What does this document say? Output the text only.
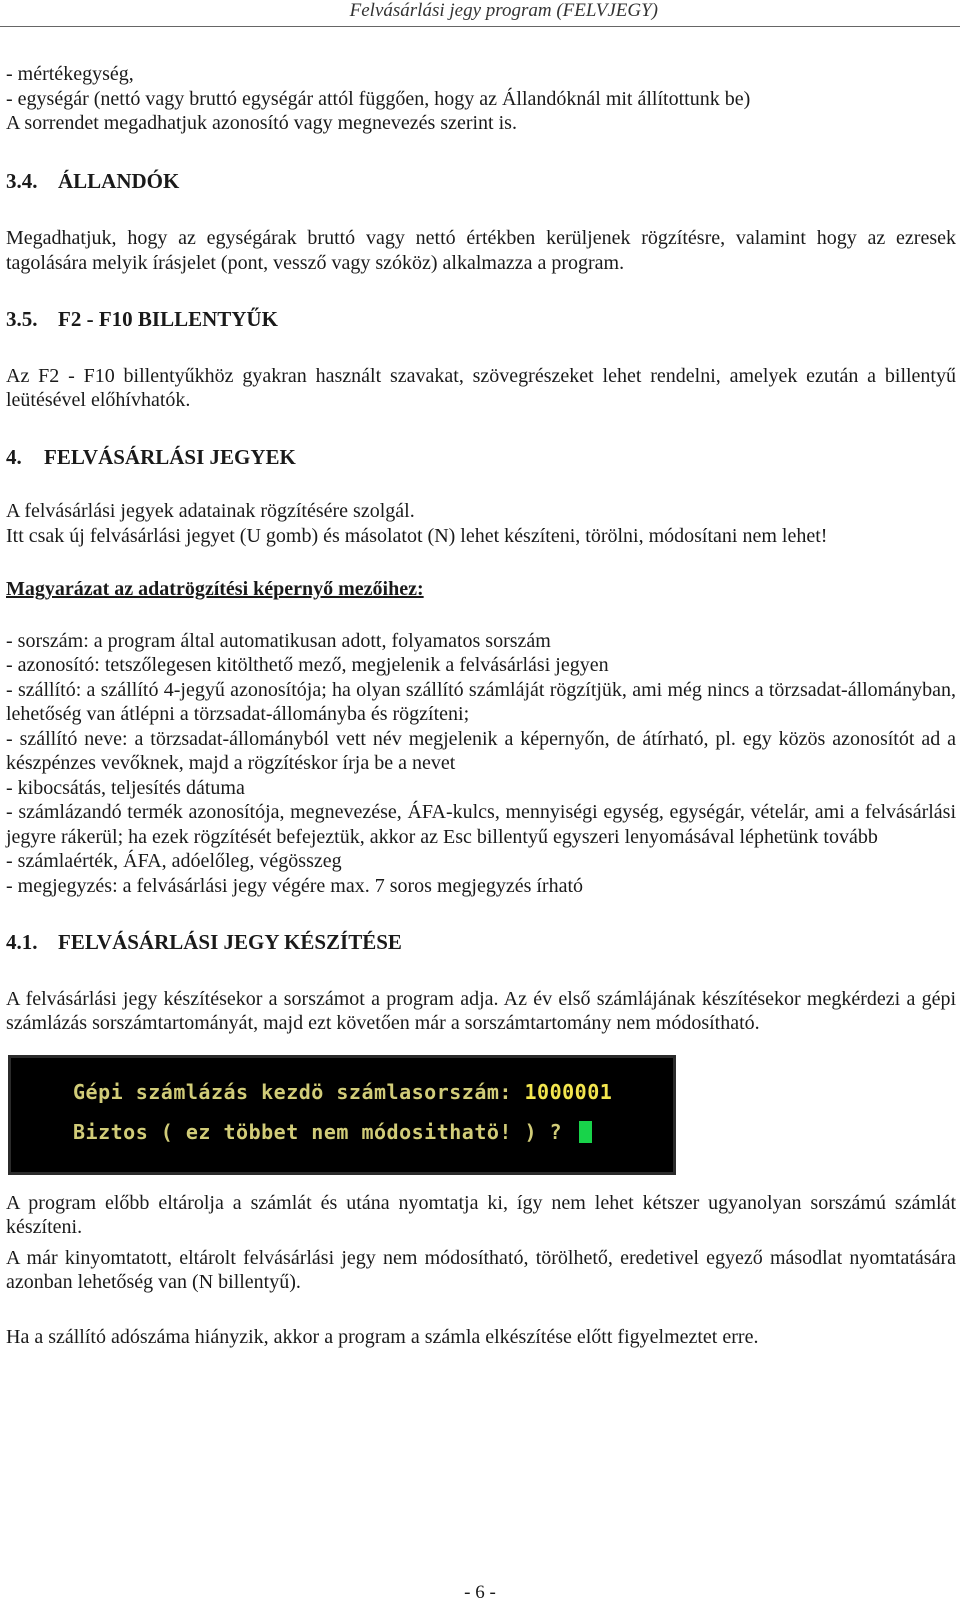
Felvásárlási jegy program (FELVJEGY)

- mértékegység,

- egységár (nettó vagy bruttó egységár attól függően, hogy az Állandóknál mit állítottunk be)

A sorrendet megadhatjuk azonosító vagy megnevezés szerint is.

3.4. ÁLLANDÓK

Megadhatjuk, hogy az egységárak bruttó vagy nettó értékben kerüljenek rögzítésre, valamint hogy az ezresek tagolására melyik írásjelet (pont, vessző vagy szóköz) alkalmazza a program.

3.5. F2 - F10 BILLENTYŰK

Az F2 - F10 billentyűkhöz gyakran használt szavakat, szövegrészeket lehet rendelni, amelyek ezután a billentyű leütésével előhívhatók.

4. FELVÁSÁRLÁSI JEGYEK

A felvásárlási jegyek adatainak rögzítésére szolgál.

Itt csak új felvásárlási jegyet (U gomb) és másolatot (N) lehet készíteni, törölni, módosítani nem lehet!

Magyarázat az adatrögzítési képernyő mezőihez:

- sorszám: a program által automatikusan adott, folyamatos sorszám

- azonosító: tetszőlegesen kitölthető mező, megjelenik a felvásárlási jegyen

- szállító: a szállító 4-jegyű azonosítója; ha olyan szállító számláját rögzítjük, ami még nincs a törzsadat-állományban, lehetőség van átlépni a törzsadat-állományba és rögzíteni;

- szállító neve: a törzsadat-állományból vett név megjelenik a képernyőn, de átírható, pl. egy közös azonosítót ad a készpénzes vevőknek, majd a rögzítéskor írja be a nevet

- kibocsátás, teljesítés dátuma

- számlázandó termék azonosítója, megnevezése, ÁFA-kulcs, mennyiségi egység, egységár, vételár, ami a felvásárlási jegyre rákerül; ha ezek rögzítését befejeztük, akkor az Esc billentyű egyszeri lenyomásával léphetünk tovább

- számlaérték, ÁFA, adóelőleg, végösszeg

- megjegyzés: a felvásárlási jegy végére max. 7 soros megjegyzés írható

4.1. FELVÁSÁRLÁSI JEGY KÉSZÍTÉSE

A felvásárlási jegy készítésekor a sorszámot a program adja. Az év első számlájának készítésekor megkérdezi a gépi számlázás sorszámtartományát, majd ezt követően már a sorszámtartomány nem módosítható.

Gépi számlázás kezdö számlasorszám: 1000001
Biztos ( ez többet nem módosithatö! ) ?

A program előbb eltárolja a számlát és utána nyomtatja ki, így nem lehet kétszer ugyanolyan sorszámú számlát készíteni.

A már kinyomtatott, eltárolt felvásárlási jegy nem módosítható, törölhető, eredetivel egyező másodlat nyomtatására azonban lehetőség van (N billentyű).

Ha a szállító adószáma hiányzik, akkor a program a számla elkészítése előtt figyelmeztet erre.

- 6 -
